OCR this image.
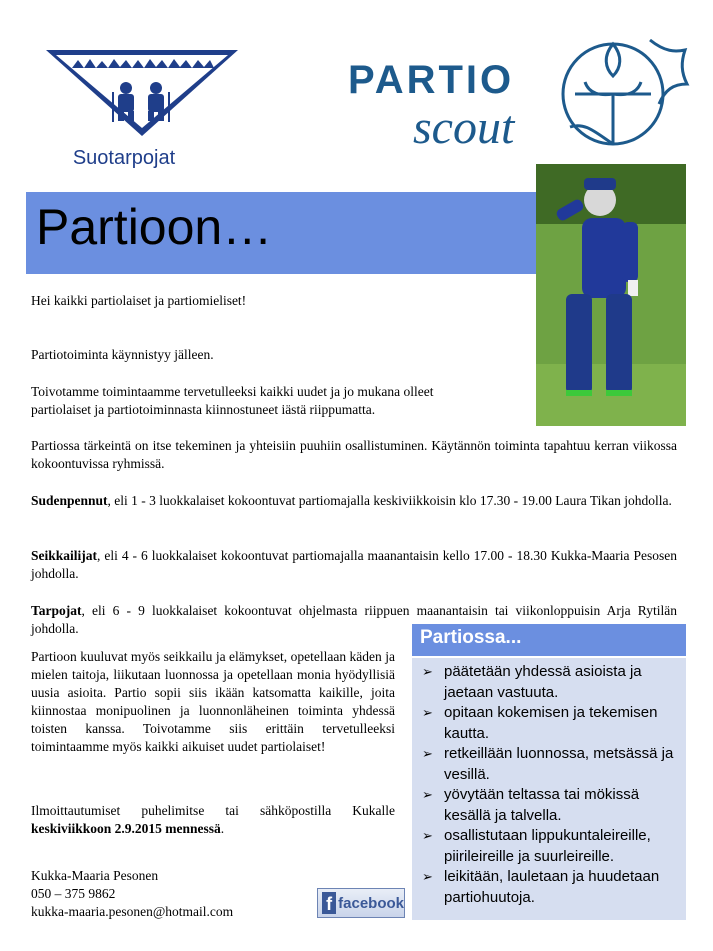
Suotarpojat
PARTIO
scout
Partioon…
Hei kaikki partiolaiset ja partiomieliset!
Partiotoiminta käynnistyy jälleen.
Toivotamme toimintaamme tervetulleeksi kaikki uudet ja jo mukana olleet
partiolaiset ja partiotoiminnasta kiinnostuneet iästä riippumatta.
Partiossa tärkeintä on itse tekeminen ja yhteisiin puuhiin osallistuminen. Käytännön toiminta tapahtuu kerran viikossa kokoontuvissa ryhmissä.
Sudenpennut, eli 1 - 3 luokkalaiset kokoontuvat partiomajalla keskiviikkoisin klo 17.30 - 19.00 Laura Tikan johdolla.
Seikkailijat, eli 4 - 6 luokkalaiset kokoontuvat partiomajalla maanantaisin kello 17.00 - 18.30 Kukka-Maaria Pesosen johdolla.
Tarpojat, eli 6 - 9 luokkalaiset kokoontuvat ohjelmasta riippuen maanantaisin tai viikonloppuisin Arja Rytilän johdolla.
Partioon kuuluvat myös seikkailu ja elämykset, opetellaan käden ja mielen taitoja, liikutaan luonnossa ja opetellaan monia hyödyllisiä uusia asioita. Partio sopii siis ikään katsomatta kaikille, joita kiinnostaa monipuolinen ja luonnonläheinen toiminta yhdessä toisten kanssa. Toivotamme siis erittäin tervetulleeksi toimintaamme myös kaikki aikuiset uudet partiolaiset!
Ilmoittautumiset puhelimitse tai sähköpostilla Kukalle keskiviikkoon 2.9.2015 mennessä.
Kukka-Maaria Pesonen
050 – 375 9862
kukka-maaria.pesonen@hotmail.com	f facebook
Partiossa...
➢ päätetään yhdessä asioista ja jaetaan vastuuta.
➢ opitaan kokemisen ja tekemisen kautta.
➢ retkeillään luonnossa, metsässä ja vesillä.
➢ yövytään teltassa tai mökissä kesällä ja talvella.
➢ osallistutaan lippukuntaleireille, piirileireille ja suurleireille.
➢ leikitään, lauletaan ja huudetaan partiohuutoja.
